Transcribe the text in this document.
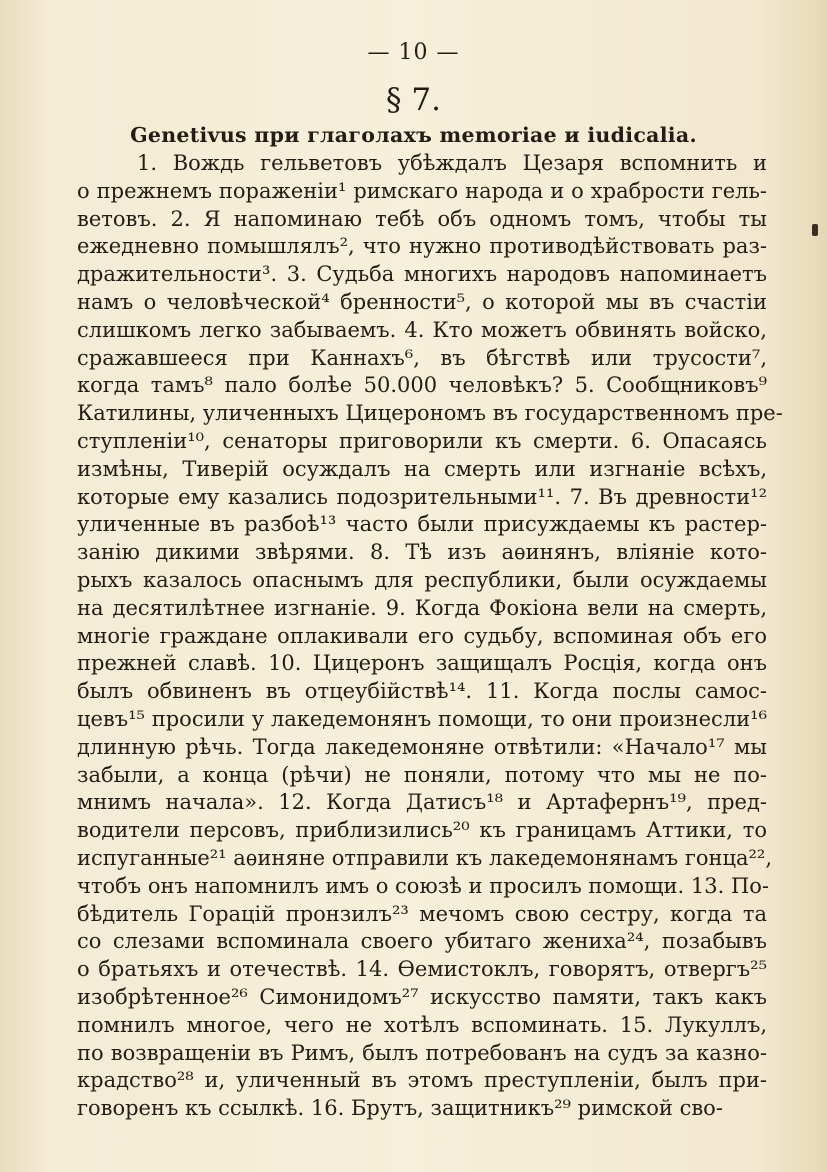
— 10 —
§ 7.
Genetivus при глаголахъ memoriae и iudicalia.
1. Вождь гельветовъ убѣждалъ Цезаря вспомнить и
о прежнемъ пораженіи¹ римскаго народа и о храбрости гель-
ветовъ. 2. Я напоминаю тебѣ объ одномъ томъ, чтобы ты
ежедневно помышлялъ², что нужно противодѣйствовать раз-
дражительности³. 3. Судьба многихъ народовъ напоминаетъ
намъ о человѣческой⁴ бренности⁵, о которой мы въ счастіи
слишкомъ легко забываемъ. 4. Кто можетъ обвинять войско,
сражавшееся при Каннахъ⁶, въ бѣгствѣ или трусости⁷,
когда тамъ⁸ пало болѣе 50.000 человѣкъ? 5. Сообщниковъ⁹
Катилины, уличенныхъ Цицерономъ въ государственномъ пре-
ступленіи¹⁰, сенаторы приговорили къ смерти. 6. Опасаясь
измѣны, Тиверій осуждалъ на смерть или изгнаніе всѣхъ,
которые ему казались подозрительными¹¹. 7. Въ древности¹²
уличенные въ разбоѣ¹³ часто были присуждаемы къ растер-
занію дикими звѣрями. 8. Тѣ изъ аѳинянъ, вліяніе кото-
рыхъ казалось опаснымъ для республики, были осуждаемы
на десятилѣтнее изгнаніе. 9. Когда Фокіона вели на смерть,
многіе граждане оплакивали его судьбу, вспоминая объ его
прежней славѣ. 10. Цицеронъ защищалъ Росція, когда онъ
былъ обвиненъ въ отцеубійствѣ¹⁴. 11. Когда послы самос-
цевъ¹⁵ просили у лакедемонянъ помощи, то они произнесли¹⁶
длинную рѣчь. Тогда лакедемоняне отвѣтили: «Начало¹⁷ мы
забыли, а конца (рѣчи) не поняли, потому что мы не по-
мнимъ начала». 12. Когда Датисъ¹⁸ и Артафернъ¹⁹, пред-
водители персовъ, приблизились²⁰ къ границамъ Аттики, то
испуганные²¹ аѳиняне отправили къ лакедемонянамъ гонца²²,
чтобъ онъ напомнилъ имъ о союзѣ и просилъ помощи. 13. По-
бѣдитель Горацій пронзилъ²³ мечомъ свою сестру, когда та
со слезами вспоминала своего убитаго жениха²⁴, позабывъ
о братьяхъ и отечествѣ. 14. Ѳемистоклъ, говорятъ, отвергъ²⁵
изобрѣтенное²⁶ Симонидомъ²⁷ искусство памяти, такъ какъ
помнилъ многое, чего не хотѣлъ вспоминать. 15. Лукуллъ,
по возвращеніи въ Римъ, былъ потребованъ на судъ за казно-
крадство²⁸ и, уличенный въ этомъ преступленіи, былъ при-
говоренъ къ ссылкѣ. 16. Брутъ, защитникъ²⁹ римской сво-
